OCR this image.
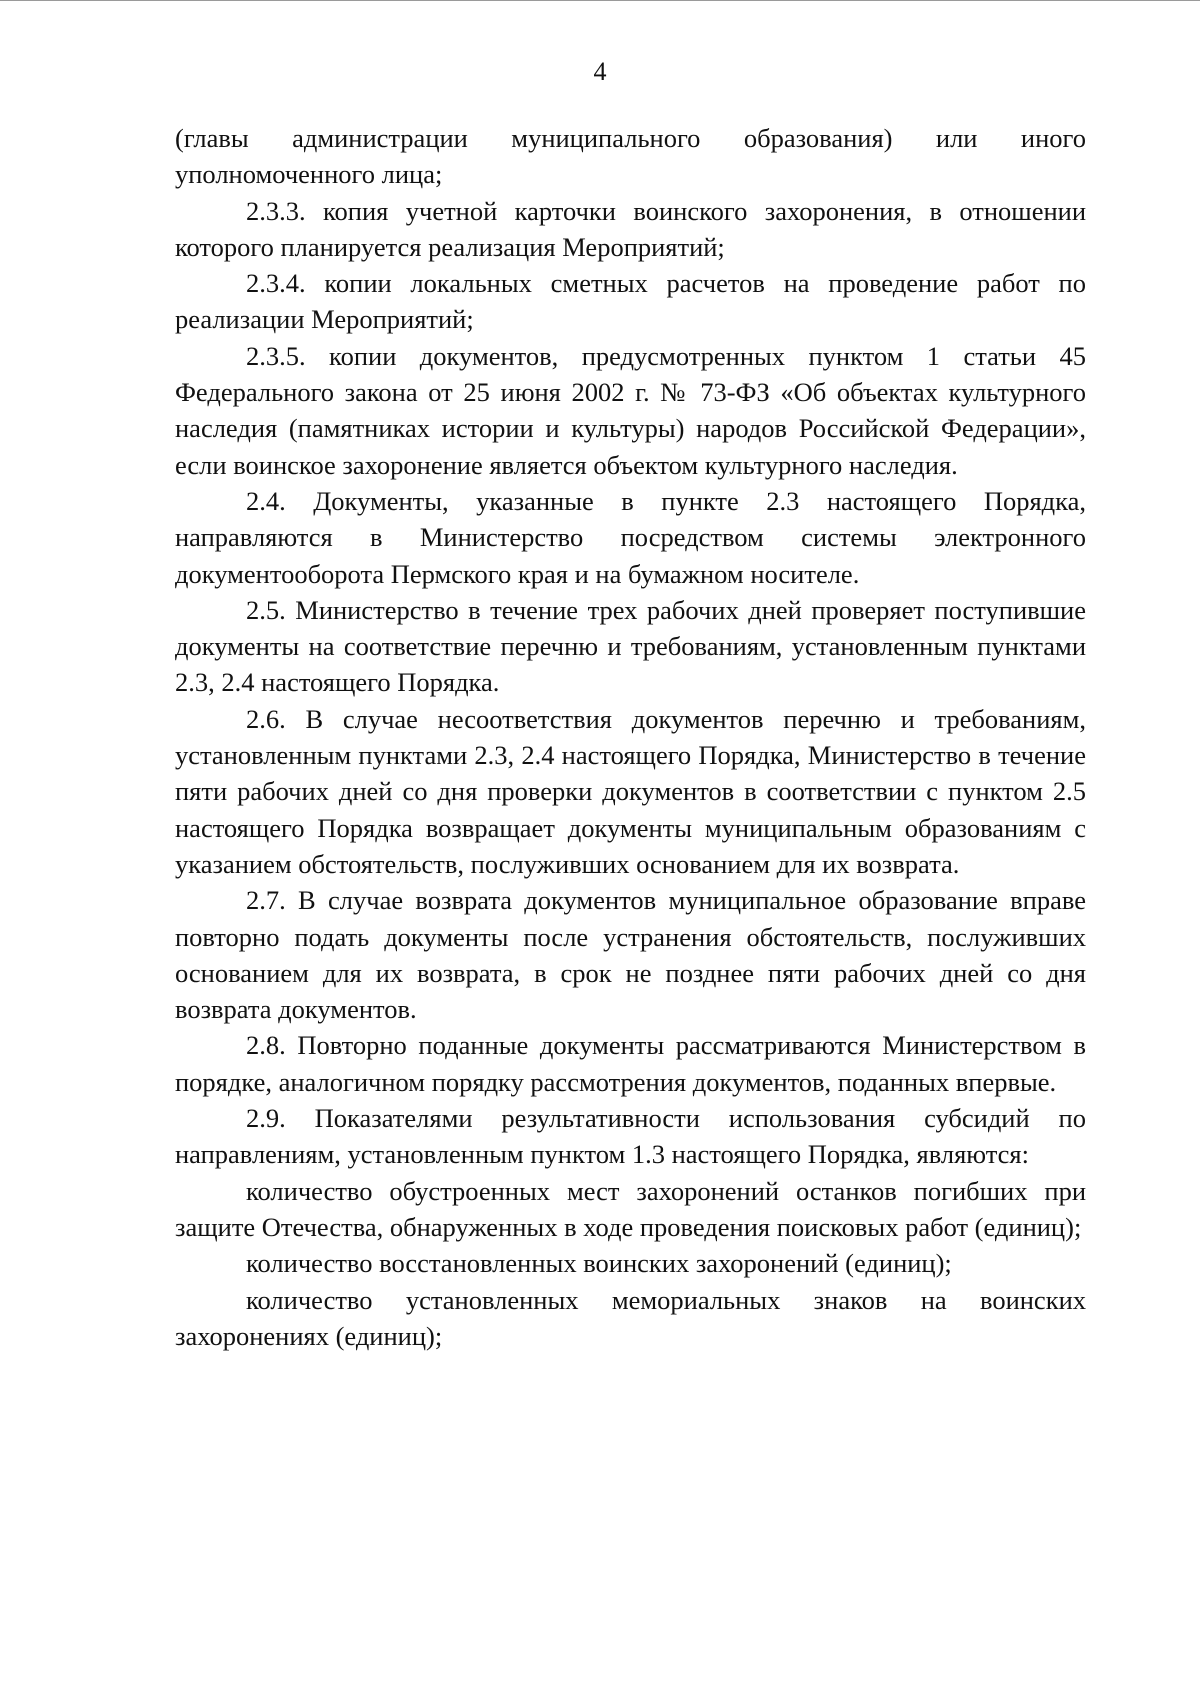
4

(главы администрации муниципального образования) или иного уполномоченного лица;

2.3.3. копия учетной карточки воинского захоронения, в отношении которого планируется реализация Мероприятий;

2.3.4. копии локальных сметных расчетов на проведение работ по реализации Мероприятий;

2.3.5. копии документов, предусмотренных пунктом 1 статьи 45 Федерального закона от 25 июня 2002 г. № 73-ФЗ «Об объектах культурного наследия (памятниках истории и культуры) народов Российской Федерации», если воинское захоронение является объектом культурного наследия.

2.4. Документы, указанные в пункте 2.3 настоящего Порядка, направляются в Министерство посредством системы электронного документооборота Пермского края и на бумажном носителе.

2.5. Министерство в течение трех рабочих дней проверяет поступившие документы на соответствие перечню и требованиям, установленным пунктами 2.3, 2.4 настоящего Порядка.

2.6. В случае несоответствия документов перечню и требованиям, установленным пунктами 2.3, 2.4 настоящего Порядка, Министерство в течение пяти рабочих дней со дня проверки документов в соответствии с пунктом 2.5 настоящего Порядка возвращает документы муниципальным образованиям с указанием обстоятельств, послуживших основанием для их возврата.

2.7. В случае возврата документов муниципальное образование вправе повторно подать документы после устранения обстоятельств, послуживших основанием для их возврата, в срок не позднее пяти рабочих дней со дня возврата документов.

2.8. Повторно поданные документы рассматриваются Министерством в порядке, аналогичном порядку рассмотрения документов, поданных впервые.

2.9. Показателями результативности использования субсидий по направлениям, установленным пунктом 1.3 настоящего Порядка, являются:

количество обустроенных мест захоронений останков погибших при защите Отечества, обнаруженных в ходе проведения поисковых работ (единиц);

количество восстановленных воинских захоронений (единиц);

количество установленных мемориальных знаков на воинских захоронениях (единиц);
